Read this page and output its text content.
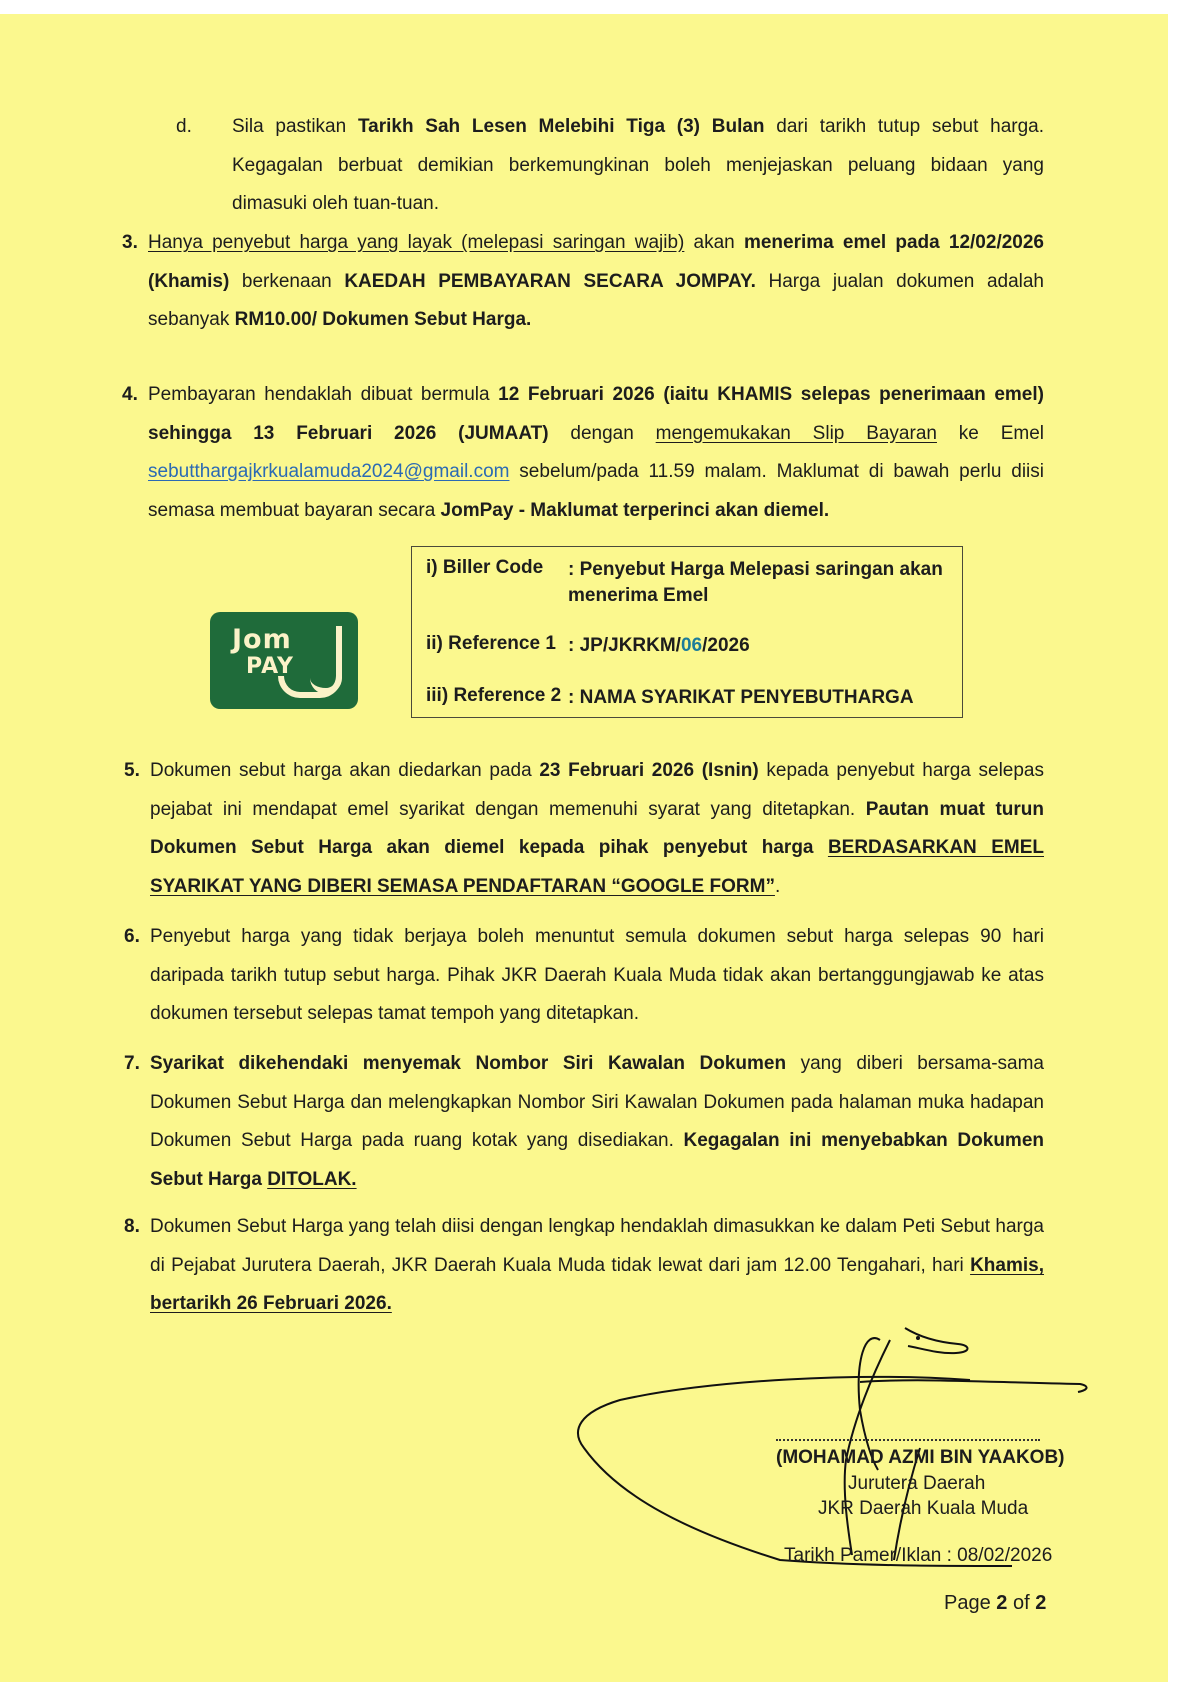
d. Sila pastikan Tarikh Sah Lesen Melebihi Tiga (3) Bulan dari tarikh tutup sebut harga. Kegagalan berbuat demikian berkemungkinan boleh menjejaskan peluang bidaan yang dimasuki oleh tuan-tuan.
3. Hanya penyebut harga yang layak (melepasi saringan wajib) akan menerima emel pada 12/02/2026 (Khamis) berkenaan KAEDAH PEMBAYARAN SECARA JOMPAY. Harga jualan dokumen adalah sebanyak RM10.00/ Dokumen Sebut Harga.
4. Pembayaran hendaklah dibuat bermula 12 Februari 2026 (iaitu KHAMIS selepas penerimaan emel) sehingga 13 Februari 2026 (JUMAAT) dengan mengemukakan Slip Bayaran ke Emel sebutthargajkrkualamuda2024@gmail.com sebelum/pada 11.59 malam. Maklumat di bawah perlu diisi semasa membuat bayaran secara JomPay - Maklumat terperinci akan diemel.
Jom
PAY
i) Biller Code : Penyebut Harga Melepasi saringan akan menerima Emel
ii) Reference 1 : JP/JKRKM/06/2026
iii) Reference 2 : NAMA SYARIKAT PENYEBUTHARGA
5. Dokumen sebut harga akan diedarkan pada 23 Februari 2026 (Isnin) kepada penyebut harga selepas pejabat ini mendapat emel syarikat dengan memenuhi syarat yang ditetapkan. Pautan muat turun Dokumen Sebut Harga akan diemel kepada pihak penyebut harga BERDASARKAN EMEL SYARIKAT YANG DIBERI SEMASA PENDAFTARAN “GOOGLE FORM”.
6. Penyebut harga yang tidak berjaya boleh menuntut semula dokumen sebut harga selepas 90 hari daripada tarikh tutup sebut harga. Pihak JKR Daerah Kuala Muda tidak akan bertanggungjawab ke atas dokumen tersebut selepas tamat tempoh yang ditetapkan.
7. Syarikat dikehendaki menyemak Nombor Siri Kawalan Dokumen yang diberi bersama-sama Dokumen Sebut Harga dan melengkapkan Nombor Siri Kawalan Dokumen pada halaman muka hadapan Dokumen Sebut Harga pada ruang kotak yang disediakan. Kegagalan ini menyebabkan Dokumen Sebut Harga DITOLAK.
8. Dokumen Sebut Harga yang telah diisi dengan lengkap hendaklah dimasukkan ke dalam Peti Sebut harga di Pejabat Jurutera Daerah, JKR Daerah Kuala Muda tidak lewat dari jam 12.00 Tengahari, hari Khamis, bertarikh 26 Februari 2026.
(MOHAMAD AZMI BIN YAAKOB)
Jurutera Daerah
JKR Daerah Kuala Muda
Tarikh Pamer/Iklan : 08/02/2026
Page 2 of 2
